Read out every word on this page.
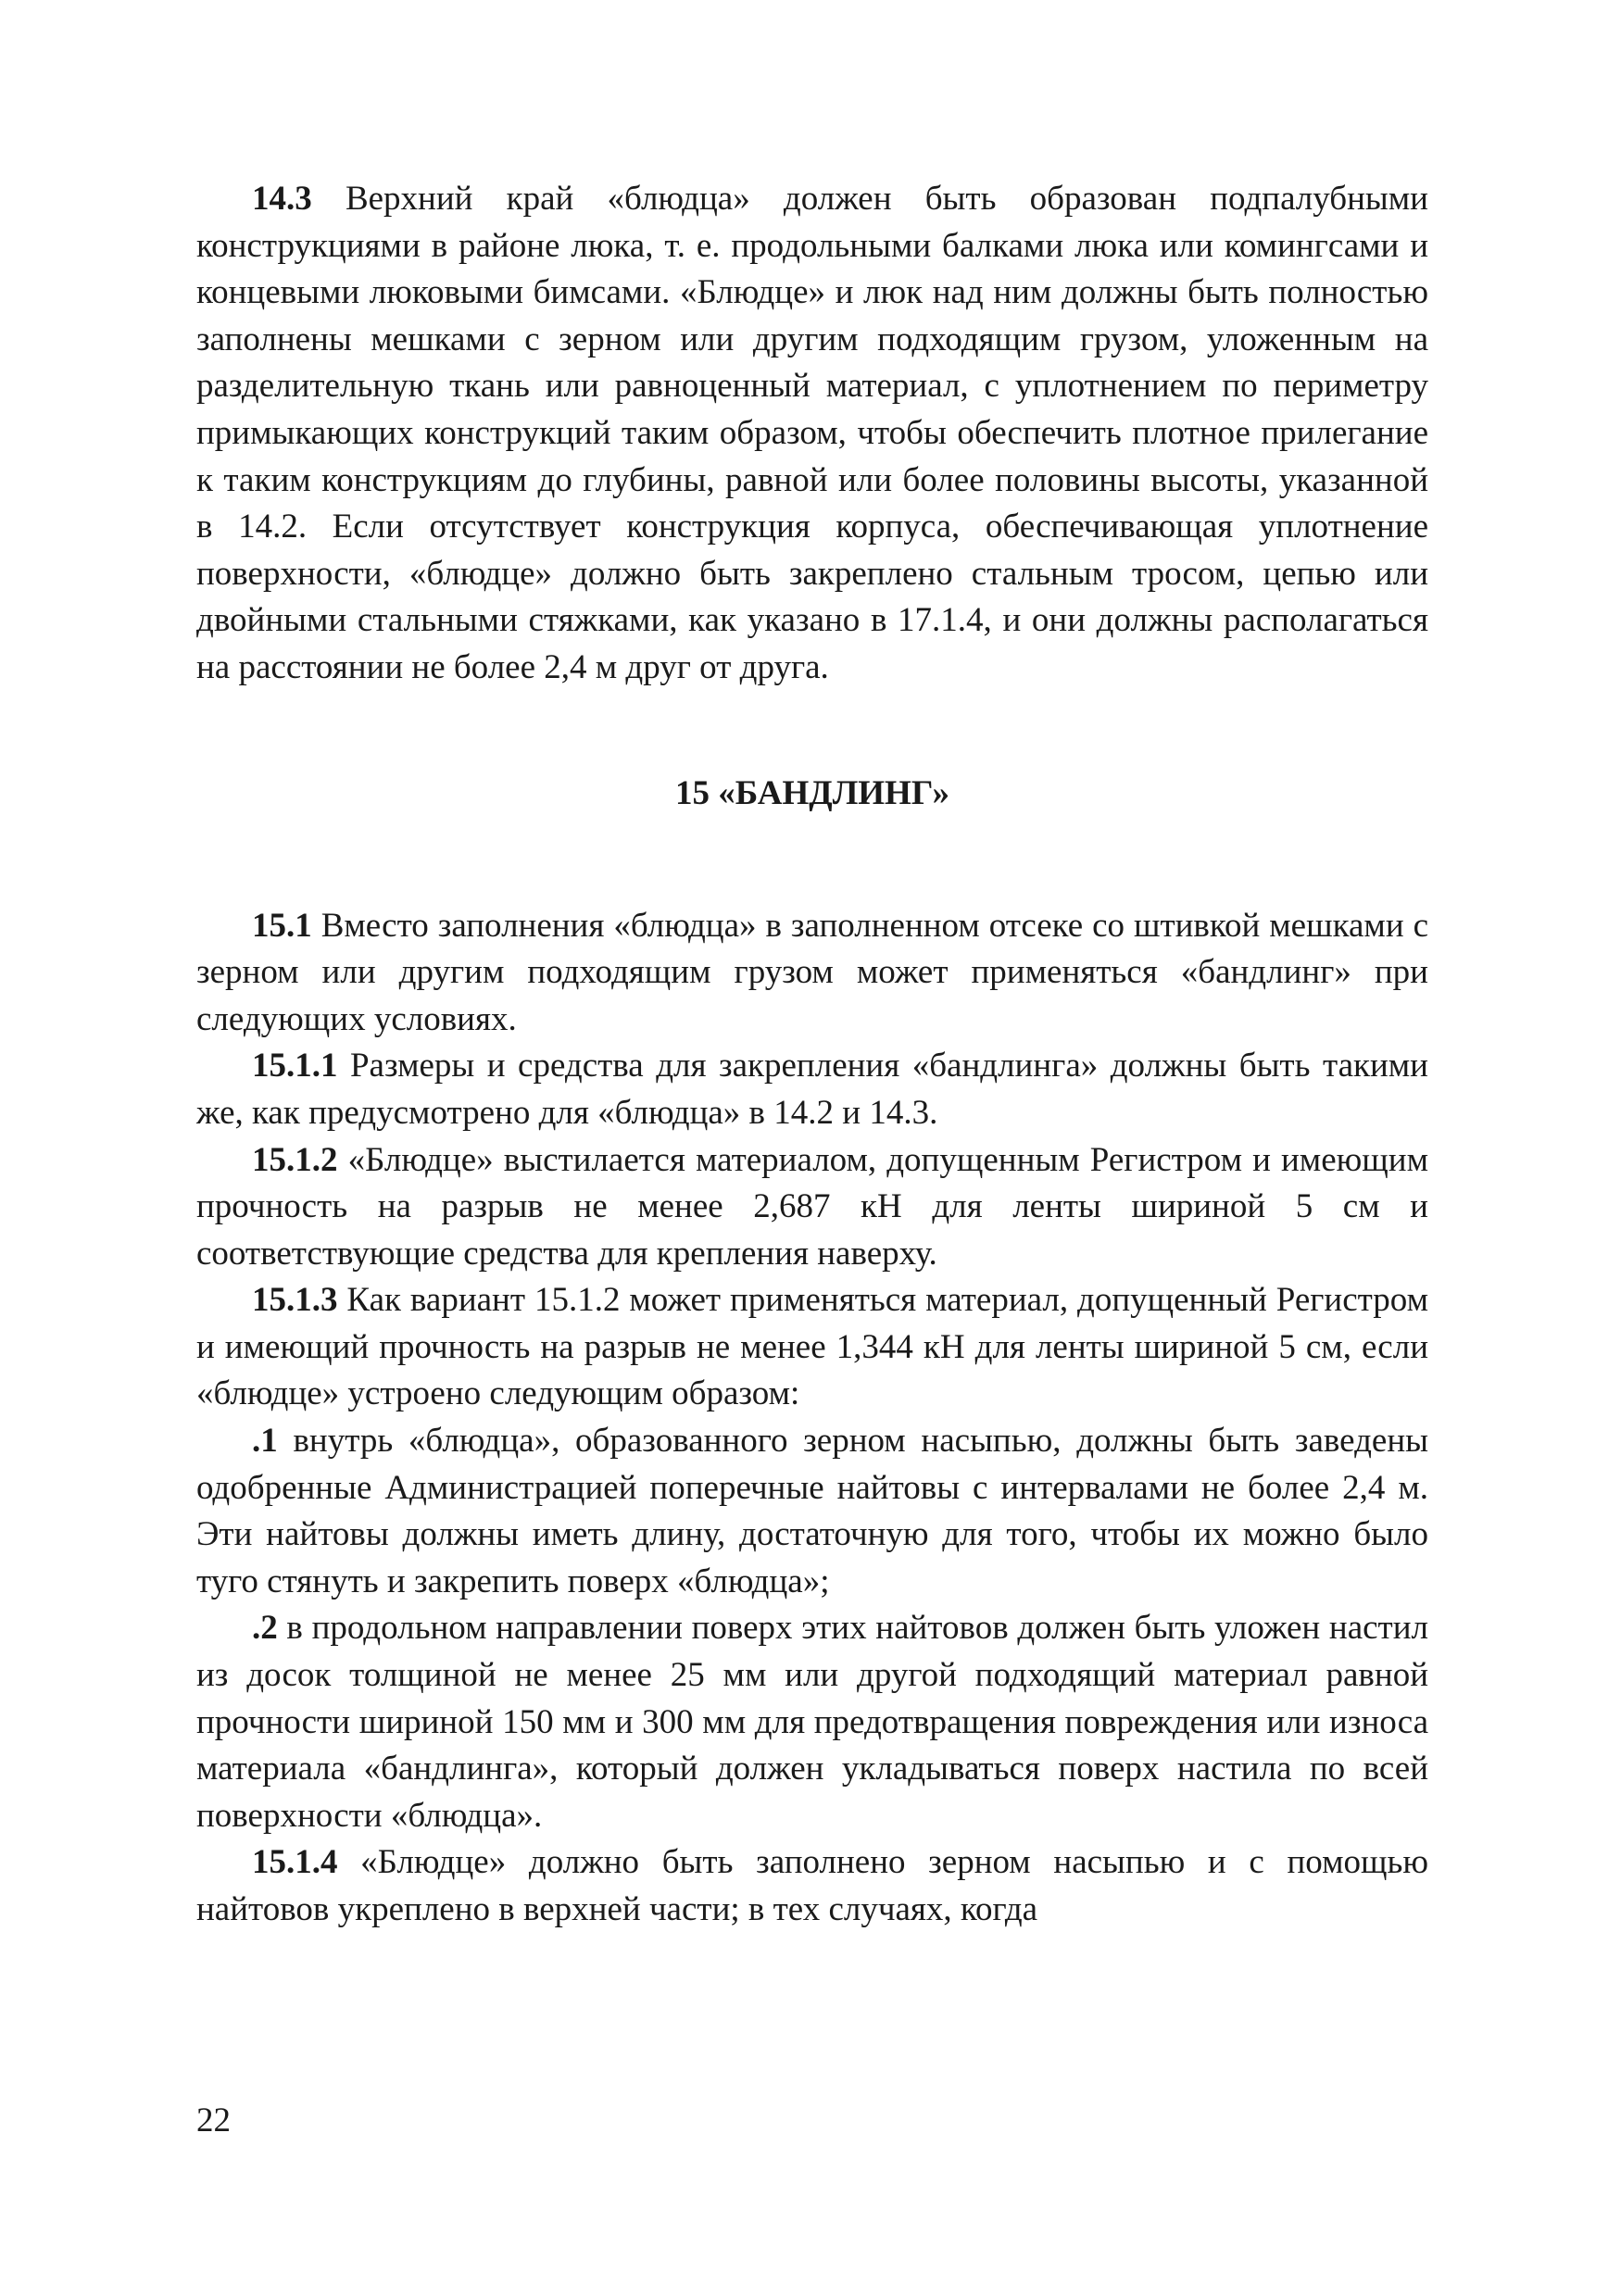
14.3 Верхний край «блюдца» должен быть образован подпалубными конструкциями в районе люка, т. е. продольными балками люка или комингсами и концевыми люковыми бимсами. «Блюдце» и люк над ним должны быть полностью заполнены мешками с зерном или другим подходящим грузом, уложенным на разделительную ткань или равноценный материал, с уплотнением по периметру примыкающих конструкций таким образом, чтобы обеспечить плотное прилегание к таким конструкциям до глубины, равной или более половины высоты, указанной в 14.2. Если отсутствует конструкция корпуса, обеспечивающая уплотнение поверхности, «блюдце» должно быть закреплено стальным тросом, цепью или двойными стальными стяжками, как указано в 17.1.4, и они должны располагаться на расстоянии не более 2,4 м друг от друга.

15 «БАНДЛИНГ»

15.1 Вместо заполнения «блюдца» в заполненном отсеке со штивкой мешками с зерном или другим подходящим грузом может применяться «бандлинг» при следующих условиях.

15.1.1 Размеры и средства для закрепления «бандлинга» должны быть такими же, как предусмотрено для «блюдца» в 14.2 и 14.3.

15.1.2 «Блюдце» выстилается материалом, допущенным Регистром и имеющим прочность на разрыв не менее 2,687 кН для ленты шириной 5 см и соответствующие средства для крепления наверху.

15.1.3 Как вариант 15.1.2 может применяться материал, допущенный Регистром и имеющий прочность на разрыв не менее 1,344 кН для ленты шириной 5 см, если «блюдце» устроено следующим образом:

.1 внутрь «блюдца», образованного зерном насыпью, должны быть заведены одобренные Администрацией поперечные найтовы с интервалами не более 2,4 м. Эти найтовы должны иметь длину, достаточную для того, чтобы их можно было туго стянуть и закрепить поверх «блюдца»;

.2 в продольном направлении поверх этих найтовов должен быть уложен настил из досок толщиной не менее 25 мм или другой подходящий материал равной прочности шириной 150 мм и 300 мм для предотвращения повреждения или износа материала «бандлинга», который должен укладываться поверх настила по всей поверхности «блюдца».

15.1.4 «Блюдце» должно быть заполнено зерном насыпью и с помощью найтовов укреплено в верхней части; в тех случаях, когда

22
